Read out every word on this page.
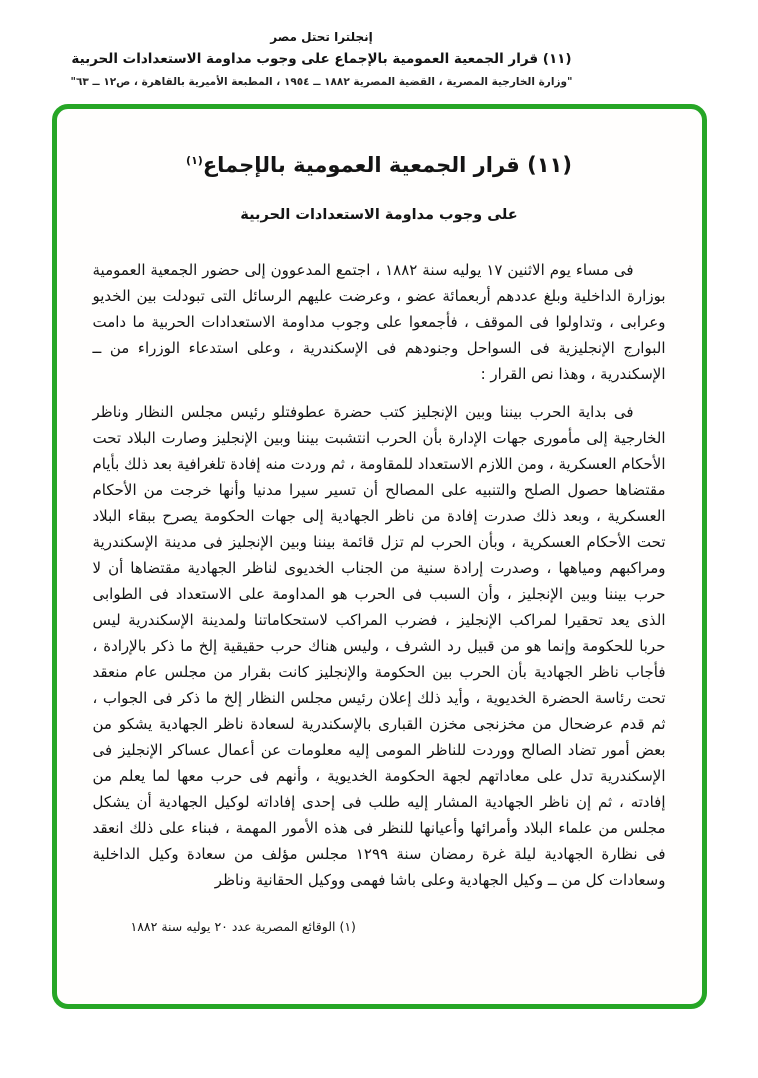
إنجلترا تحتل مصر
(١١) قرار الجمعية العمومية بالإجماع على وجوب مداومة الاستعدادات الحربية
"وزارة الخارجية المصرية ، القضية المصرية ١٨٨٢ ــ ١٩٥٤ ، المطبعة الأميرية بالقاهرة ، ص١٢ ــ ٦٣"
(١١) قرار الجمعية العمومية بالإجماع$^{(١)}$
على وجوب مداومة الاستعدادات الحربية

فى مساء يوم الاثنين ١٧ يوليه سنة ١٨٨٢ ، اجتمع المدعوون إلى حضور الجمعية العمومية بوزارة الداخلية وبلغ عددهم أربعمائة عضو ، وعرضت عليهم الرسائل التى تبودلت بين الخديو وعرابى ، وتداولوا فى الموقف ، فأجمعوا على وجوب مداومة الاستعدادات الحربية ما دامت البوارج الإنجليزية فى السواحل وجنودهم فى الإسكندرية ، وعلى استدعاء الوزراء من ــ الإسكندرية ، وهذا نص القرار :

فى بداية الحرب بيننا وبين الإنجليز كتب حضرة عطوفتلو رئيس مجلس النظار وناظر الخارجية إلى مأمورى جهات الإدارة بأن الحرب انتشبت بيننا وبين الإنجليز وصارت البلاد تحت الأحكام العسكرية ، ومن اللازم الاستعداد للمقاومة ، ثم وردت منه إفادة تلغرافية بعد ذلك بأيام مقتضاها حصول الصلح والتنبيه على المصالح أن تسير سيرا مدنيا وأنها خرجت من الأحكام العسكرية ، وبعد ذلك صدرت إفادة من ناظر الجهادية إلى جهات الحكومة يصرح ببقاء البلاد تحت الأحكام العسكرية ، وبأن الحرب لم تزل قائمة بيننا وبين الإنجليز فى مدينة الإسكندرية ومراكبهم ومياهها ، وصدرت إرادة سنية من الجناب الخديوى لناظر الجهادية مقتضاها أن لا حرب بيننا وبين الإنجليز ، وأن السبب فى الحرب هو المداومة على الاستعداد فى الطوابى الذى يعد تحقيرا لمراكب الإنجليز ، فضرب المراكب لاستحكاماتنا ولمدينة الإسكندرية ليس حربا للحكومة وإنما هو من قبيل رد الشرف ، وليس هناك حرب حقيقية إلخ ما ذكر بالإرادة ، فأجاب ناظر الجهادية بأن الحرب بين الحكومة والإنجليز كانت بقرار من مجلس عام منعقد تحت رئاسة الحضرة الخديوية ، وأيد ذلك إعلان رئيس مجلس النظار إلخ ما ذكر فى الجواب ، ثم قدم عرضحال من مخزنجى مخزن القبارى بالإسكندرية لسعادة ناظر الجهادية يشكو من بعض أمور تضاد الصالح ووردت للناظر المومى إليه معلومات عن أعمال عساكر الإنجليز فى الإسكندرية تدل على معاداتهم لجهة الحكومة الخديوية ، وأنهم فى حرب معها لما يعلم من إفادته ، ثم إن ناظر الجهادية المشار إليه طلب فى إحدى إفاداته لوكيل الجهادية أن يشكل مجلس من علماء البلاد وأمرائها وأعيانها للنظر فى هذه الأمور المهمة ، فبناء على ذلك انعقد فى نظارة الجهادية ليلة غرة رمضان سنة ١٢٩٩ مجلس مؤلف من سعادة وكيل الداخلية وسعادات كل من ــ وكيل الجهادية وعلى باشا فهمى ووكيل الحقانية وناظر

(١) الوقائع المصرية عدد ٢٠ يوليه سنة ١٨٨٢
